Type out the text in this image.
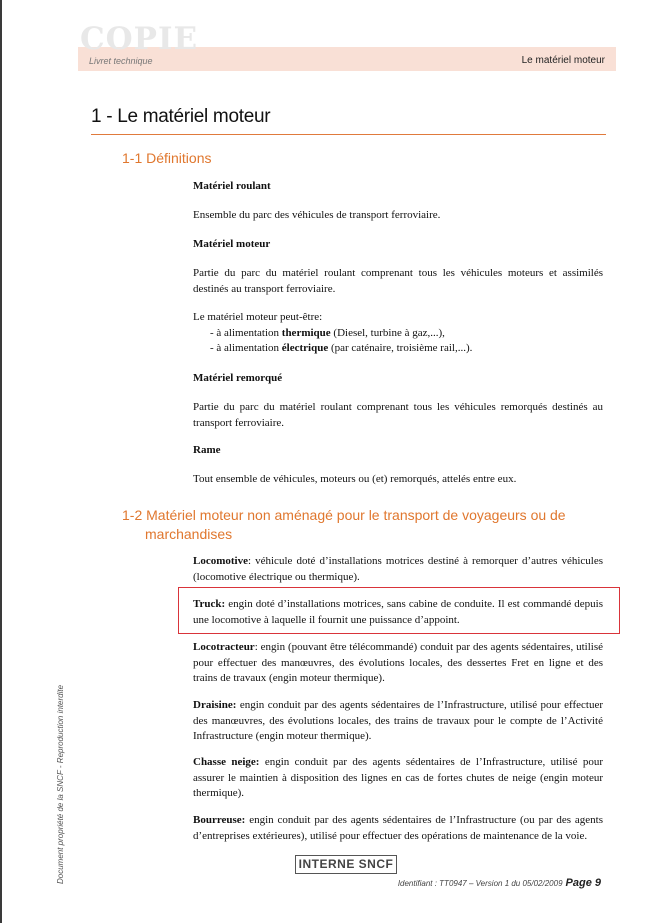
COPIE
Livret technique	Le matériel moteur
1 - Le matériel moteur
1-1 Définitions
Matériel roulant
Ensemble du parc des véhicules de transport ferroviaire.
Matériel moteur
Partie du parc du matériel roulant comprenant tous les véhicules moteurs et assimilés destinés au transport ferroviaire.
Le matériel moteur peut-être:
- à alimentation thermique (Diesel, turbine à gaz,...),
- à alimentation électrique (par caténaire, troisième rail,...).
Matériel remorqué
Partie du parc du matériel roulant comprenant tous les véhicules remorqués destinés au transport ferroviaire.
Rame
Tout ensemble de véhicules, moteurs ou (et) remorqués, attelés entre eux.
1-2 Matériel moteur non aménagé pour le transport de voyageurs ou de
marchandises
Locomotive: véhicule doté d’installations motrices destiné à remorquer d’autres véhicules (locomotive électrique ou thermique).
Truck: engin doté d’installations motrices, sans cabine de conduite. Il est commandé depuis une locomotive à laquelle il fournit une puissance d’appoint.
Locotracteur: engin (pouvant être télécommandé) conduit par des agents sédentaires, utilisé pour effectuer des manœuvres, des évolutions locales, des dessertes Fret en ligne et des trains de travaux (engin moteur thermique).
Draisine: engin conduit par des agents sédentaires de l’Infrastructure, utilisé pour effectuer des manœuvres, des évolutions locales, des trains de travaux pour le compte de l’Activité Infrastructure (engin moteur thermique).
Chasse neige: engin conduit par des agents sédentaires de l’Infrastructure, utilisé pour assurer le maintien à disposition des lignes en cas de fortes chutes de neige (engin moteur thermique).
Bourreuse: engin conduit par des agents sédentaires de l’Infrastructure (ou par des agents d’entreprises extérieures), utilisé pour effectuer des opérations de maintenance de la voie.
Document propriété de la SNCF - Reproduction interdite	INTERNE SNCF
Identifiant : TT0947 – Version 1 du 05/02/2009 Page 9
